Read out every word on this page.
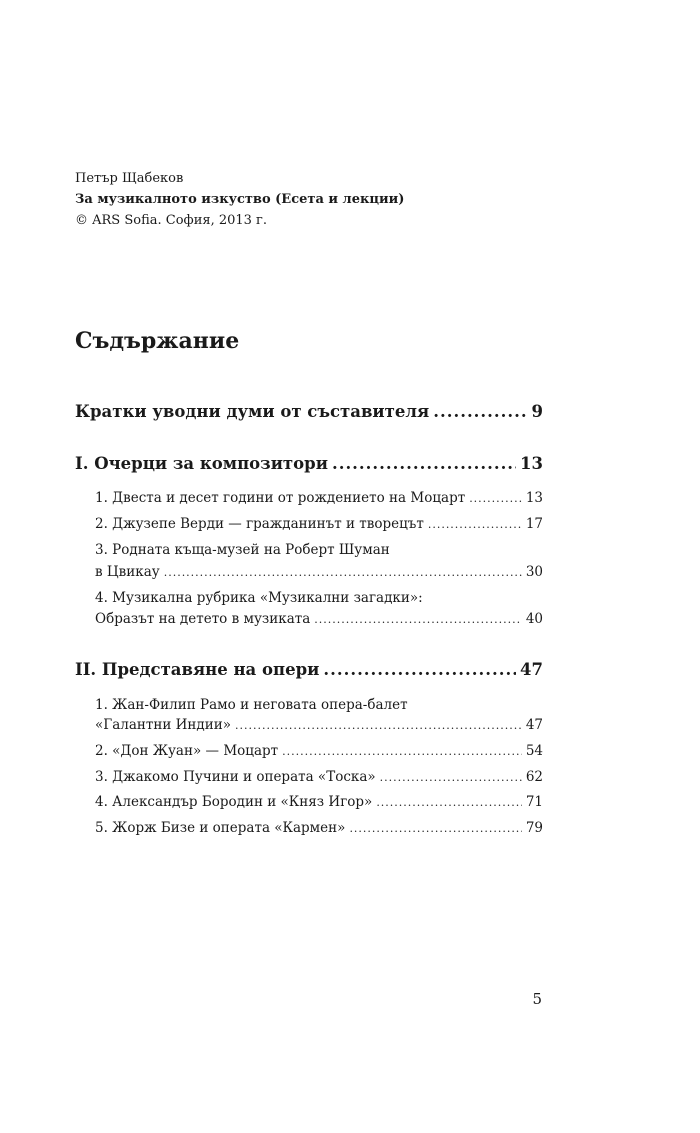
Петър Щабеков
За музикалното изкуство (Есета и лекции)
© ARS Sofia. София, 2013 г.
Съдържание
Кратки уводни думи от съставителя .....	9
I. Очерци за композитори .....	13
1. Двеста и десет години от рождението на Моцарт .....	13
2. Джузепе Верди — гражданинът и творецът .....	17
3. Родната къща-музей на Роберт Шуман
в Цвикау .....	30
4. Музикална рубрика «Музикални загадки»:
Образът на детето в музиката .....	40
II. Представяне на опери .....	47
1. Жан-Филип Рамо и неговата опера-балет
«Галантни Индии» .....	47
2. «Дон Жуан» — Моцарт .....	54
3. Джакомо Пучини и операта «Тоска» .....	62
4. Александър Бородин и «Княз Игор» .....	71
5. Жорж Бизе и операта «Кармен» .....	79
5
